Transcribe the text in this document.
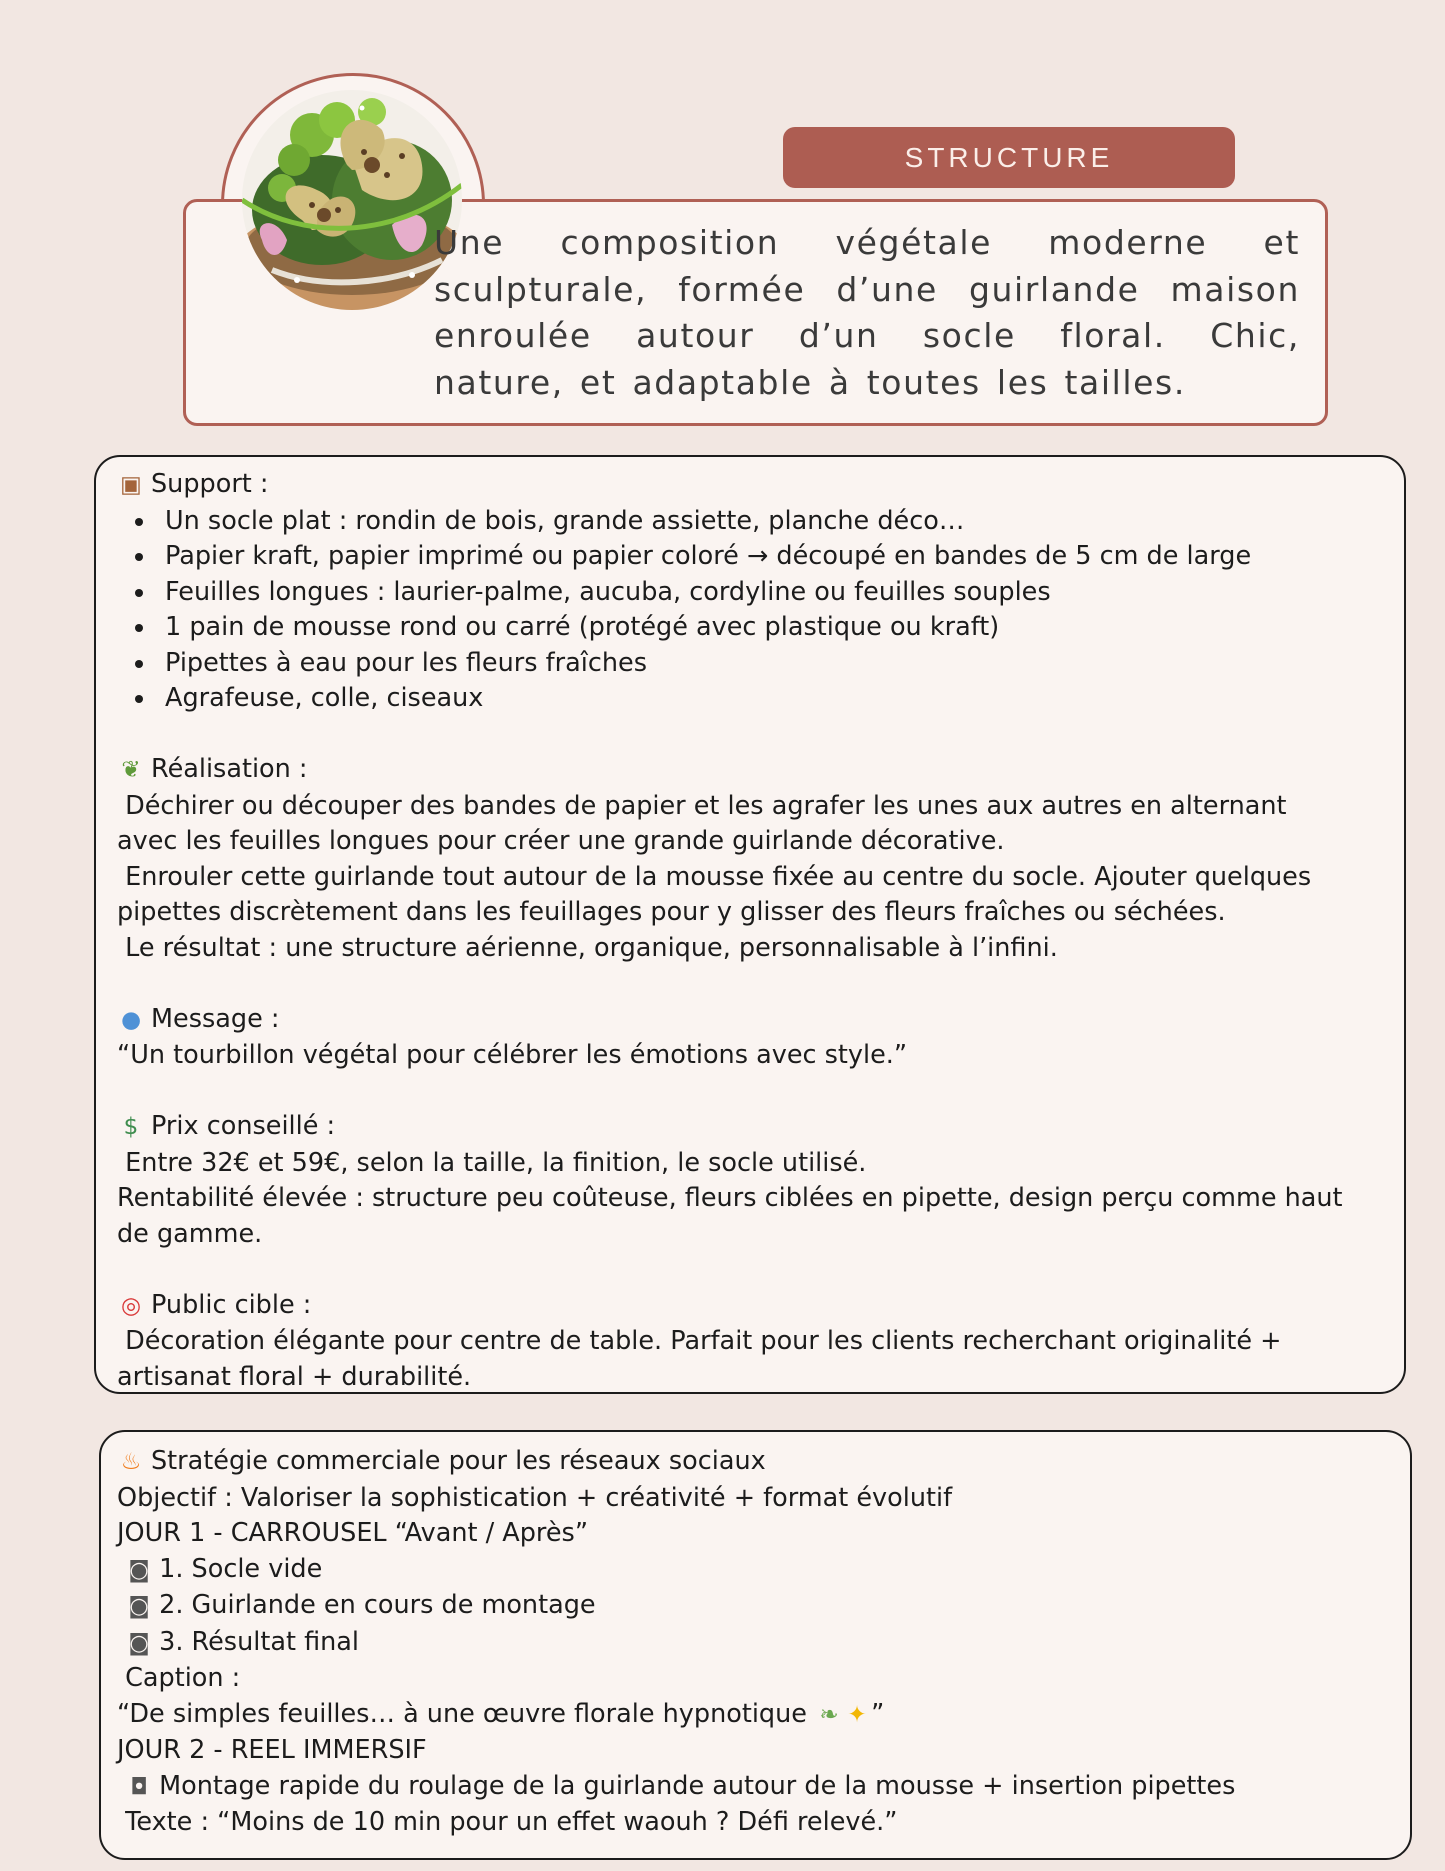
STRUCTURE

Une composition végétale moderne et sculpturale, formée d’une guirlande maison enroulée autour d’un socle floral. Chic, nature, et adaptable à toutes les tailles.

▣ Support :
Un socle plat : rondin de bois, grande assiette, planche déco…
Papier kraft, papier imprimé ou papier coloré → découpé en bandes de 5 cm de large
Feuilles longues : laurier-palme, aucuba, cordyline ou feuilles souples
1 pain de mousse rond ou carré (protégé avec plastique ou kraft)
Pipettes à eau pour les fleurs fraîches
Agrafeuse, colle, ciseaux
❦ Réalisation :
Déchirer ou découper des bandes de papier et les agrafer les unes aux autres en alternant
avec les feuilles longues pour créer une grande guirlande décorative.
Enrouler cette guirlande tout autour de la mousse fixée au centre du socle. Ajouter quelques
pipettes discrètement dans les feuillages pour y glisser des fleurs fraîches ou séchées.
Le résultat : une structure aérienne, organique, personnalisable à l’infini.
● Message :
“Un tourbillon végétal pour célébrer les émotions avec style.”
$ Prix conseillé :
Entre 32€ et 59€, selon la taille, la finition, le socle utilisé.
Rentabilité élevée : structure peu coûteuse, fleurs ciblées en pipette, design perçu comme haut
de gamme.
◎ Public cible :
Décoration élégante pour centre de table. Parfait pour les clients recherchant originalité +
artisanat floral + durabilité.
♨ Stratégie commerciale pour les réseaux sociaux
Objectif : Valoriser la sophistication + créativité + format évolutif
JOUR 1 - CARROUSEL “Avant / Après”
◙ 1. Socle vide
◙ 2. Guirlande en cours de montage
◙ 3. Résultat final
Caption :
“De simples feuilles… à une œuvre florale hypnotique ❧ ✦ ”
JOUR 2 - REEL IMMERSIF
◘ Montage rapide du roulage de la guirlande autour de la mousse + insertion pipettes
Texte : “Moins de 10 min pour un effet waouh ? Défi relevé.”
